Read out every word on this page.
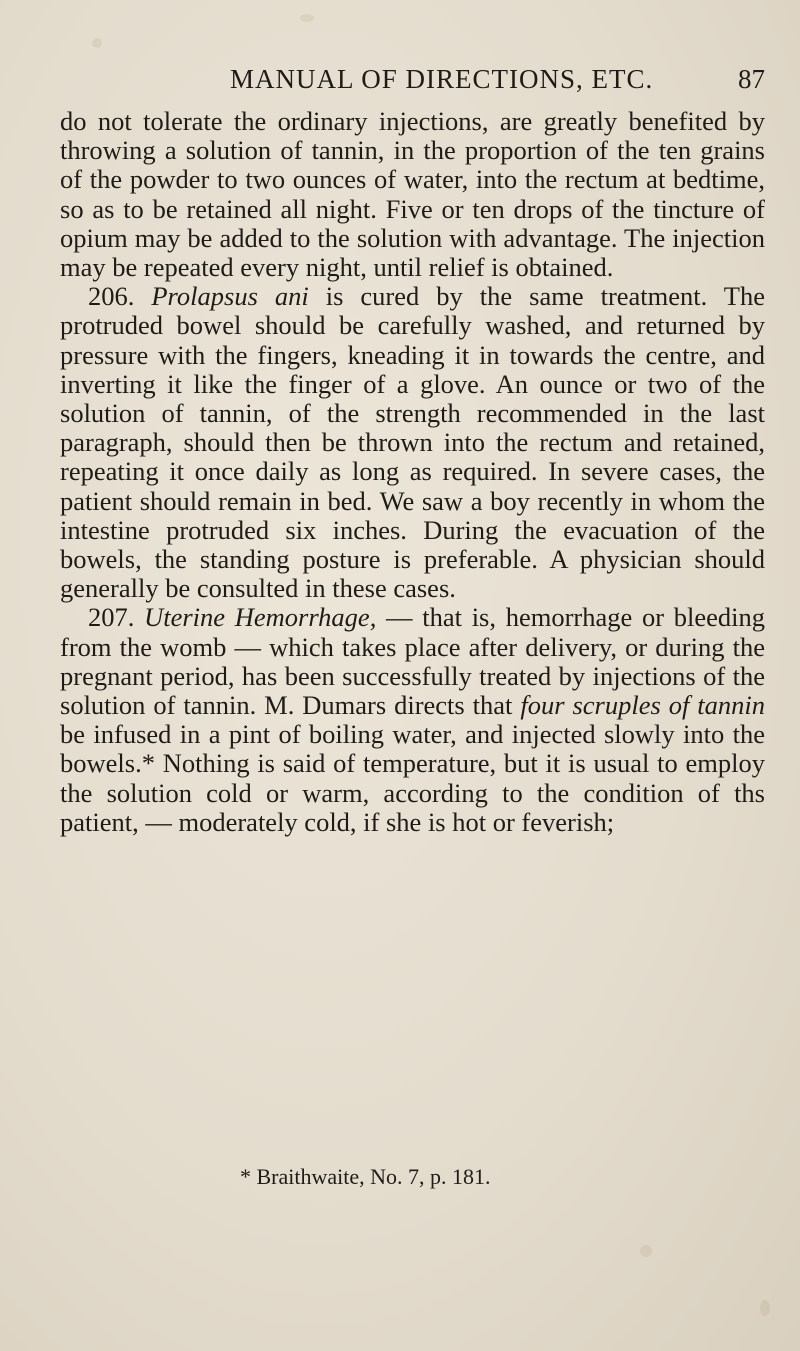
MANUAL OF DIRECTIONS, ETC.	87

do not tolerate the ordinary injections, are greatly benefited by throwing a solution of tannin, in the proportion of the ten grains of the powder to two ounces of water, into the rectum at bedtime, so as to be retained all night. Five or ten drops of the tincture of opium may be added to the solution with advantage. The injection may be repeated every night, until relief is obtained.

206. Prolapsus ani is cured by the same treatment. The protruded bowel should be carefully washed, and returned by pressure with the fingers, kneading it in towards the centre, and inverting it like the finger of a glove. An ounce or two of the solution of tannin, of the strength recommended in the last paragraph, should then be thrown into the rectum and retained, repeating it once daily as long as required. In severe cases, the patient should remain in bed. We saw a boy recently in whom the intestine protruded six inches. During the evacuation of the bowels, the standing posture is preferable. A physician should generally be consulted in these cases.

207. Uterine Hemorrhage, — that is, hemorrhage or bleeding from the womb — which takes place after delivery, or during the pregnant period, has been successfully treated by injections of the solution of tannin. M. Dumars directs that four scruples of tannin be infused in a pint of boiling water, and injected slowly into the bowels.* Nothing is said of temperature, but it is usual to employ the solution cold or warm, according to the condition of ths patient, — moderately cold, if she is hot or feverish;

* Braithwaite, No. 7, p. 181.
